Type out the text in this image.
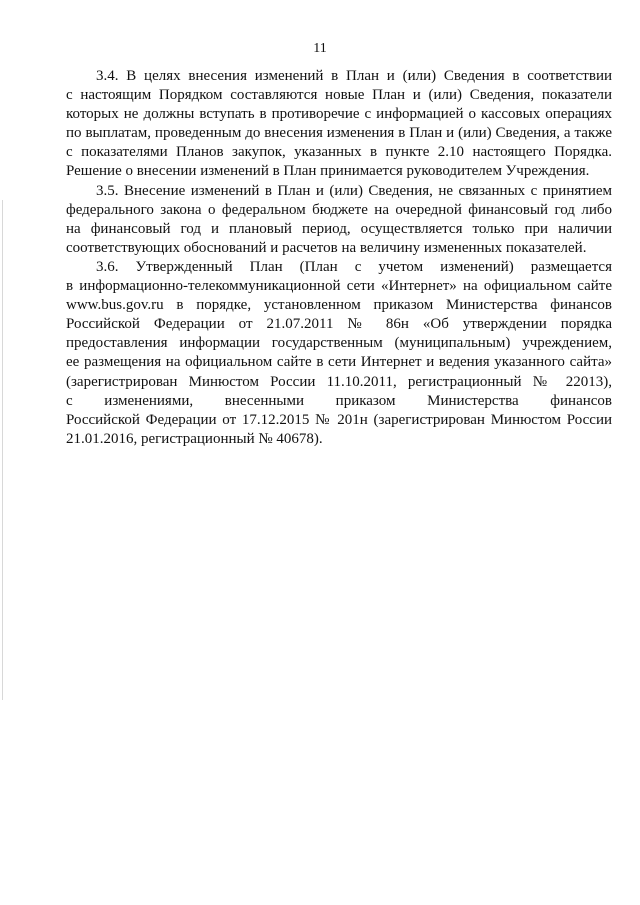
11

3.4. В целях внесения изменений в План и (или) Сведения в соответствии
с настоящим Порядком составляются новые План и (или) Сведения, показатели
которых не должны вступать в противоречие с информацией о кассовых операциях
по выплатам, проведенным до внесения изменения в План и (или) Сведения, а также
с показателями Планов закупок, указанных в пункте 2.10 настоящего Порядка.
Решение о внесении изменений в План принимается руководителем Учреждения.

3.5. Внесение изменений в План и (или) Сведения, не связанных с принятием
федерального закона о федеральном бюджете на очередной финансовый год либо
на финансовый год и плановый период, осуществляется только при наличии
соответствующих обоснований и расчетов на величину измененных показателей.

3.6. Утвержденный План (План с учетом изменений) размещается
в информационно-телекоммуникационной сети «Интернет» на официальном сайте
www.bus.gov.ru в порядке, установленном приказом Министерства финансов
Российской Федерации от 21.07.2011 № 86н «Об утверждении порядка
предоставления информации государственным (муниципальным) учреждением,
ее размещения на официальном сайте в сети Интернет и ведения указанного сайта»
(зарегистрирован Минюстом России 11.10.2011, регистрационный № 22013),
с изменениями, внесенными приказом Министерства финансов
Российской Федерации от 17.12.2015 № 201н (зарегистрирован Минюстом России
21.01.2016, регистрационный № 40678).
